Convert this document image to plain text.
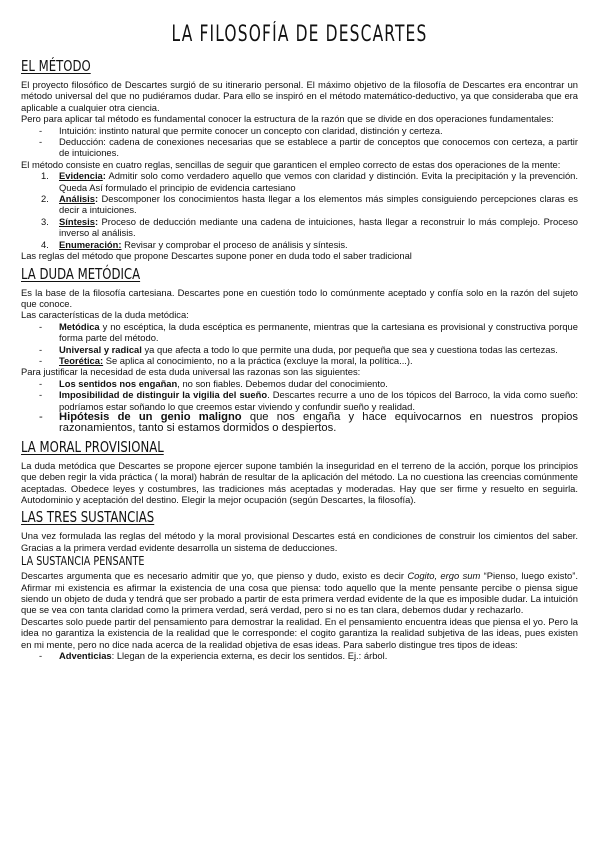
LA FILOSOFÍA DE DESCARTES
EL MÉTODO

El proyecto filosófico de Descartes surgió de su itinerario personal. El máximo objetivo de la filosofía de Descartes era encontrar un método universal del que no pudiéramos dudar. Para ello se inspiró en el método matemático-deductivo, ya que consideraba que era aplicable a cualquier otra ciencia.

Pero para aplicar tal método es fundamental conocer la estructura de la razón que se divide en dos operaciones fundamentales:

- Intuición: instinto natural que permite conocer un concepto con claridad, distinción y certeza.
- Deducción: cadena de conexiones necesarias que se establece a partir de conceptos que conocemos con certeza, a partir de intuiciones.

El método consiste en cuatro reglas, sencillas de seguir que garanticen el empleo correcto de estas dos operaciones de la mente:

Evidencia: Admitir solo como verdadero aquello que vemos con claridad y distinción. Evita la precipitación y la prevención. Queda Así formulado el principio de evidencia cartesiano
Análisis: Descomponer los conocimientos hasta llegar a los elementos más simples consiguiendo percepciones claras es decir a intuiciones.
Síntesis: Proceso de deducción mediante una cadena de intuiciones, hasta llegar a reconstruir lo más complejo. Proceso inverso al análisis.
Enumeración: Revisar y comprobar el proceso de análisis y síntesis.

Las reglas del método que propone Descartes supone poner en duda todo el saber tradicional

LA DUDA METÓDICA

Es la base de la filosofía cartesiana. Descartes pone en cuestión todo lo comúnmente aceptado y confía solo en la razón del sujeto que conoce.

Las características de la duda metódica:

- Metódica y no escéptica, la duda escéptica es permanente, mientras que la cartesiana es provisional y constructiva porque forma parte del método.
- Universal y radical ya que afecta a todo lo que permite una duda, por pequeña que sea y cuestiona todas las certezas.
- Teorética: Se aplica al conocimiento, no a la práctica (excluye la moral, la política...).

Para justificar la necesidad de esta duda universal las razonas son las siguientes:

- Los sentidos nos engañan, no son fiables. Debemos dudar del conocimiento.
- Imposibilidad de distinguir la vigilia del sueño. Descartes recurre a uno de los tópicos del Barroco, la vida como sueño: podríamos estar soñando lo que creemos estar viviendo y confundir sueño y realidad.
- Hipótesis de un genio maligno que nos engaña y hace equivocarnos en nuestros propios razonamientos, tanto si estamos dormidos o despiertos.
LA MORAL PROVISIONAL

La duda metódica que Descartes se propone ejercer supone también la inseguridad en el terreno de la acción, porque los principios que deben regir la vida práctica ( la moral) habrán de resultar de la aplicación del método. La no cuestiona las creencias comúnmente aceptadas. Obedece leyes y costumbres, las tradiciones más aceptadas y moderadas. Hay que ser firme y resuelto en seguirla. Autodominio y aceptación del destino. Elegir la mejor ocupación (según Descartes, la filosofía).

LAS TRES SUSTANCIAS

Una vez formulada las reglas del método y la moral provisional Descartes está en condiciones de construir los cimientos del saber. Gracias a la primera verdad evidente desarrolla un sistema de deducciones.

LA SUSTANCIA PENSANTE

Descartes argumenta que es necesario admitir que yo, que pienso y dudo, existo es decir Cogito, ergo sum “Pienso, luego existo”. Afirmar mi existencia es afirmar la existencia de una cosa que piensa: todo aquello que la mente pensante percibe o piensa sigue siendo un objeto de duda y tendrá que ser probado a partir de esta primera verdad evidente de la que es imposible dudar. La intuición que se vea con tanta claridad como la primera verdad, será verdad, pero si no es tan clara, debemos dudar y rechazarlo.

Descartes solo puede partir del pensamiento para demostrar la realidad. En el pensamiento encuentra ideas que piensa el yo. Pero la idea no garantiza la existencia de la realidad que le corresponde: el cogito garantiza la realidad subjetiva de las ideas, pues existen en mi mente, pero no dice nada acerca de la realidad objetiva de esas ideas. Para saberlo distingue tres tipos de ideas:

- Adventicias: Llegan de la experiencia externa, es decir los sentidos. Ej.: árbol.
